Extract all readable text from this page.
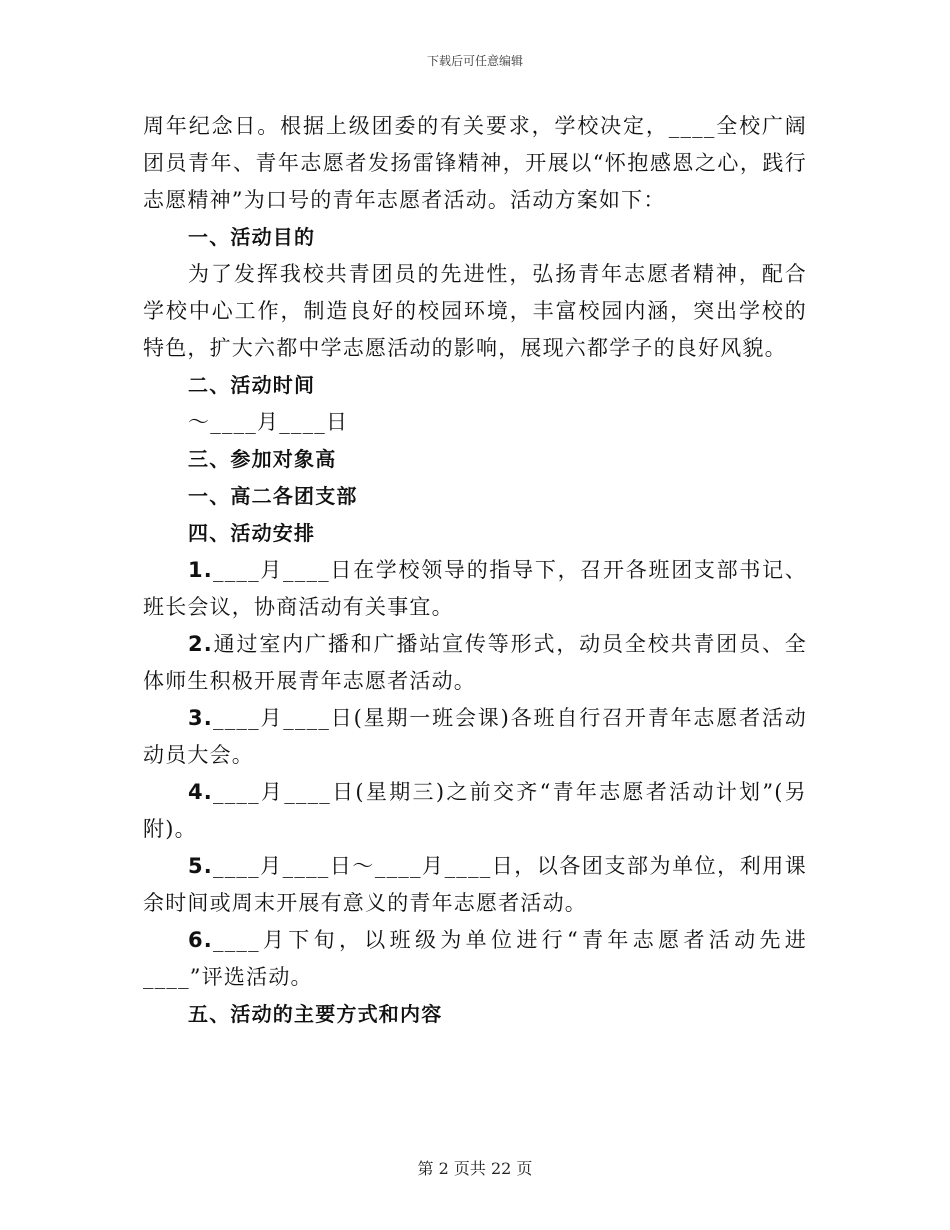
下载后可任意编辑

周年纪念日。根据上级团委的有关要求，学校决定，____全校广阔团员青年、青年志愿者发扬雷锋精神，开展以“怀抱感恩之心，践行志愿精神”为口号的青年志愿者活动。活动方案如下：

一、活动目的

为了发挥我校共青团员的先进性，弘扬青年志愿者精神，配合学校中心工作，制造良好的校园环境，丰富校园内涵，突出学校的特色，扩大六都中学志愿活动的影响，展现六都学子的良好风貌。

二、活动时间

～____月____日

三、参加对象高

一、高二各团支部

四、活动安排

1.____月____日在学校领导的指导下，召开各班团支部书记、班长会议，协商活动有关事宜。

2.通过室内广播和广播站宣传等形式，动员全校共青团员、全体师生积极开展青年志愿者活动。

3.____月____日(星期一班会课)各班自行召开青年志愿者活动动员大会。

4.____月____日(星期三)之前交齐“青年志愿者活动计划”(另附)。

5.____月____日～____月____日，以各团支部为单位，利用课余时间或周末开展有意义的青年志愿者活动。

6.____月下旬，以班级为单位进行“青年志愿者活动先进____”评选活动。

五、活动的主要方式和内容

第 2 页共 22 页
